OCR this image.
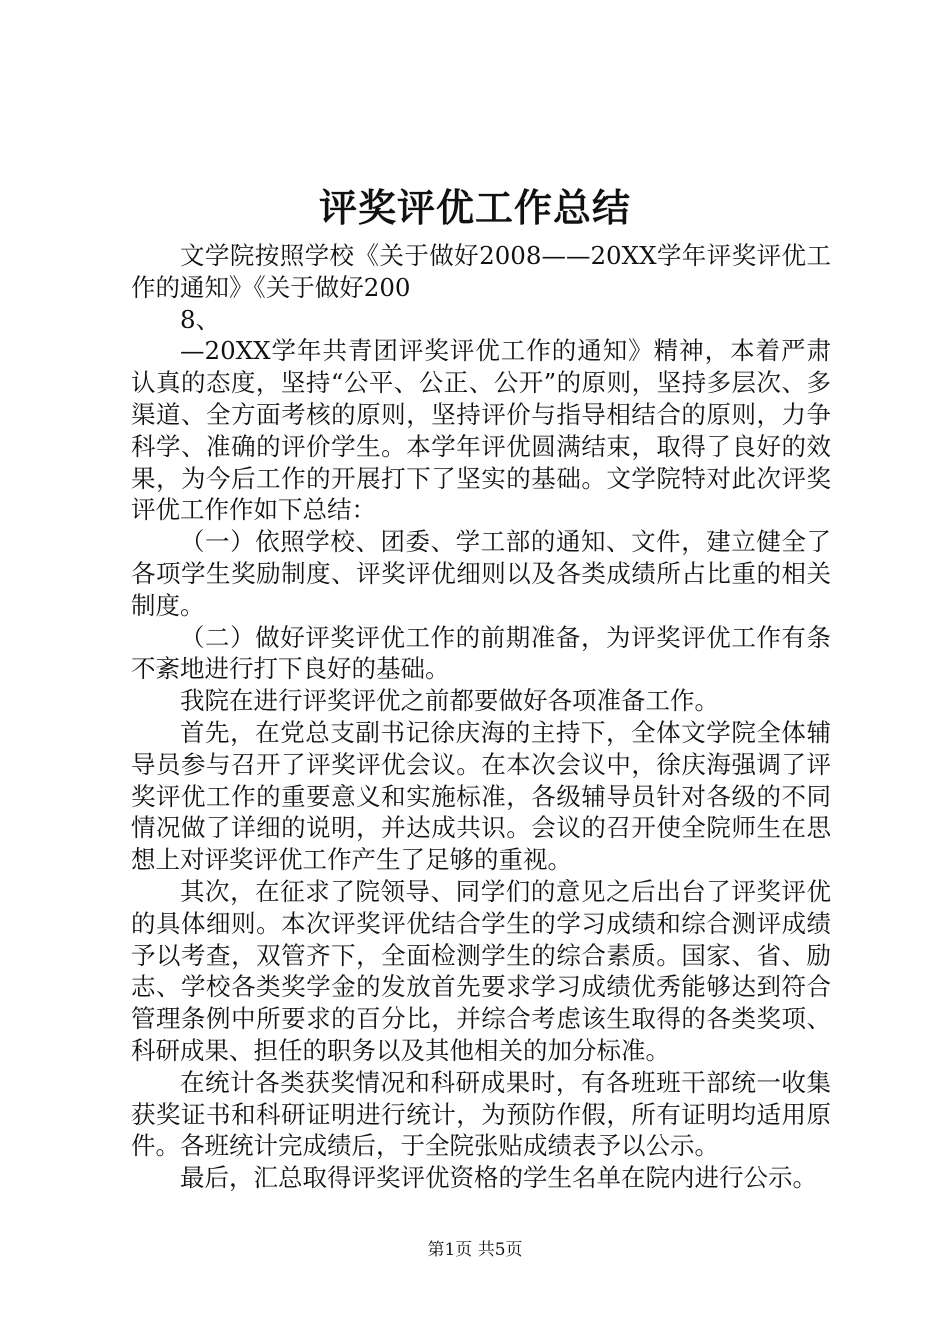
评奖评优工作总结

文学院按照学校《关于做好2008——20XX学年评奖评优工作的通知》《关于做好200

8、

—20XX学年共青团评奖评优工作的通知》精神，本着严肃认真的态度，坚持“公平、公正、公开”的原则，坚持多层次、多渠道、全方面考核的原则，坚持评价与指导相结合的原则，力争科学、准确的评价学生。本学年评优圆满结束，取得了良好的效果，为今后工作的开展打下了坚实的基础。文学院特对此次评奖评优工作作如下总结：

（一）依照学校、团委、学工部的通知、文件，建立健全了各项学生奖励制度、评奖评优细则以及各类成绩所占比重的相关制度。

（二）做好评奖评优工作的前期准备，为评奖评优工作有条不紊地进行打下良好的基础。

我院在进行评奖评优之前都要做好各项准备工作。

首先，在党总支副书记徐庆海的主持下，全体文学院全体辅导员参与召开了评奖评优会议。在本次会议中，徐庆海强调了评奖评优工作的重要意义和实施标准，各级辅导员针对各级的不同情况做了详细的说明，并达成共识。会议的召开使全院师生在思想上对评奖评优工作产生了足够的重视。

其次，在征求了院领导、同学们的意见之后出台了评奖评优的具体细则。本次评奖评优结合学生的学习成绩和综合测评成绩予以考查，双管齐下，全面检测学生的综合素质。国家、省、励志、学校各类奖学金的发放首先要求学习成绩优秀能够达到符合管理条例中所要求的百分比，并综合考虑该生取得的各类奖项、科研成果、担任的职务以及其他相关的加分标准。

在统计各类获奖情况和科研成果时，有各班班干部统一收集获奖证书和科研证明进行统计，为预防作假，所有证明均适用原件。各班统计完成绩后，于全院张贴成绩表予以公示。

最后，汇总取得评奖评优资格的学生名单在院内进行公示。

第1页 共5页
